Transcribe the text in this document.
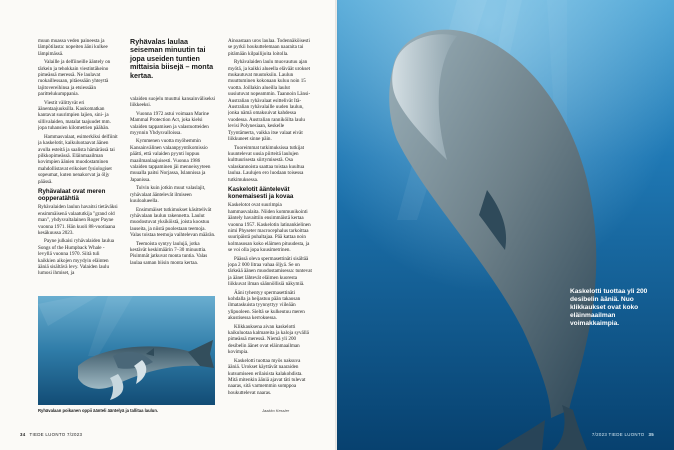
muun muassa veden paineesta ja lämpötilasta: nopeiten ääni kulkee lämpimässä.

Valaille ja delfiineille ääntely on tärkein ja tehokkain viestintäkeino pimeässä meressä. Ne laulavat ruokaillessaan, pitäessään yhteyttä lajitovereihinsa ja etsiessään parittelukumppania.

Viestit välittyvät eri äänentaajuuksilla. Kaukomatkan kantavat suurimpien lajien, sini- ja sillivalaiden, matalat taajuudet mm. jopa tuhansien kilometrien päähän.

Hammasvalaat, esimerkiksi delfiinit ja kaskelotit, kaikuluotaavat äänen avulla esteitä ja saalista hämärässä tai pilkkopimeässä. Eläinmaailman kovimpien äänien muodostaminen mahdollistavat erikoiset fysiologiset sopeumat, kuten nenakorvat ja öljy päässä.

Ryhävalaat ovat meren oopperatähtiä

Ryhävalaiden laulun havaitsi tietäväksi ensimmäisenä valaatutkija "grand old man", yhdysvaltalainen Roger Payne vuonna 1971. Hän kuoli 88-vuotiaana kesäkuussa 2023.

Payne julkaisi ryhävalaiden laulua Songs of the Humpback Whale -levyllä vuonna 1970. Siitä tuli kaikkien aikojen myydyin eläinten ääniä sisältävä levy. Valaiden laulu lumosi ihmiset, ja

Ryhävalas laulaa seiseman minuutin tai jopa useiden tuntien mittaisia biisejä – monta kertaa.

valaiden suojelu muuttui kansainväliseksi liikkeeksi.

Vuonna 1972 astui voimaan Marine Mammal Protection Act, joka kielsi valaiden tappamisen ja valastuotteiden myynnin Yhdysvalloissa.

Kymmenen vuotta myöhemmin Kansainvälinen valaanpyyntikomissio päätti, että valaiden pyynti loppuu maailmanlaajuisesti. Vuonna 1986 valaiden tappaminen jäi menneisyyteen muualla paitsi Norjassa, Islannissa ja Japanissa.

Tolvin kuin jotkin muut valaslajit, ryhävalaat ääntelevät ilmiseen kuuloalueella.

Ensimmäiset tutkimukset käsittelivät ryhävalaan laulun rakennetta. Laulut muodostuvat yksiköistä, joista koostuu lauseita, ja niistä puolestaan teemoja. Valas toistaa teemoja vaihtelevan määrän.

Teemoista syntyy laulujä, jotka kestävät keskimäärin 7–30 minuuttia. Pisimmät jatkuvat monta tuntia. Valas laulaa saman biisin monta kertaa.

Ainoastaan uros laulaa. Todennäköisesti se pyrkii houkuttelemaan naaraita tai pitämään kilpailijoita loitolla.

Ryhävalaiden laulu muovautuu ajan myötä, ja kaikki alueella eläväät urokset mukautuvat muutoksiin. Laulun muuttuminen kokonaan kuluu noin 15 vuotta. Joillakin alueilla laulut uusiutuvat nopeammin. Taannoin Länsi-Australian ryhävalaat esittelivät Itä-Australian ryhävalaille uuden laulun, jonka nämä omaksuivat kahdessa vuodessa. Australian ranniköilta laulu levisi Polynesiaan, keskelle Tyyntämerta, vaikka itse valaat eivät liikkuneet sinne päin.

Tuoreimmat tutkimuksissa tutkijat kuuntelevat uusia piirteitä laulujen kulttuurisesta siirtymisestä. Osa valaskannoista saattaa toistaa kuultua laulua. Laulujen ero luodaan toisessa tutkimuksessa.

Kaskelotit ääntelevät konemaisesti ja kovaa

Kaskelotot ovat suurimpia hammasvalaita. Niiden kommunikointi ääntely havaittiin ensimmäistä kertaa vuonna 1957. Kaskelotin latinankielinen nimi Physeter macrocephalus tarkoittaa suuripäistä puhaltajaa. Pää kattaa noin kolmasosan koko eläimen pituudesta, ja se voi olla jopa kuusimetrinen.

Päässä oleva spermasettinäti sisältää jopa 2 000 litraa vahaa öljyä. Se on tärkeää äänen muodostamisessa: tuntevat ja äänet lähtevät eläimen kuoresta liikkuvat ilman säännöllisiä näkymiä.

Ääni tyhentyy spermasettinäti kohdalla ja heijastuu pään takaosan ilmataskuista tyynnyttyy viileään ylipuoleen. Sieltä se kulkeutuu meren akustisessa kerroksessa.

Klikkauksena aivan kaskelotti kaikuluotaa kalmareita ja kaloja syvällä pimeässä meressä. Niemä yli 200 desibelin äänet ovat eläinmaailman kovimpia.

Kaskelotti tuottaa myös naksuva ääniä. Urokset käyttävät naaraiden kutsumiseen erilaisista kalakohdista. Mitä mitenkin ääniä ajavat täti tulevat naaras, sitä varmemmin somppoa houkuttelevat naaras.

Ryhävalaan poikanen oppii äänteli ääntelyä ja tallitaa laulun.	Jaakko Kessler
34 TIEDE LUONTO 7/2023
Kaskelotti tuottaa yli 200 desibelin ääniä. Nuo klikkaukset ovat koko eläinmaailman voimakkaimpia.
7/2023 TIEDE LUONTO 35
